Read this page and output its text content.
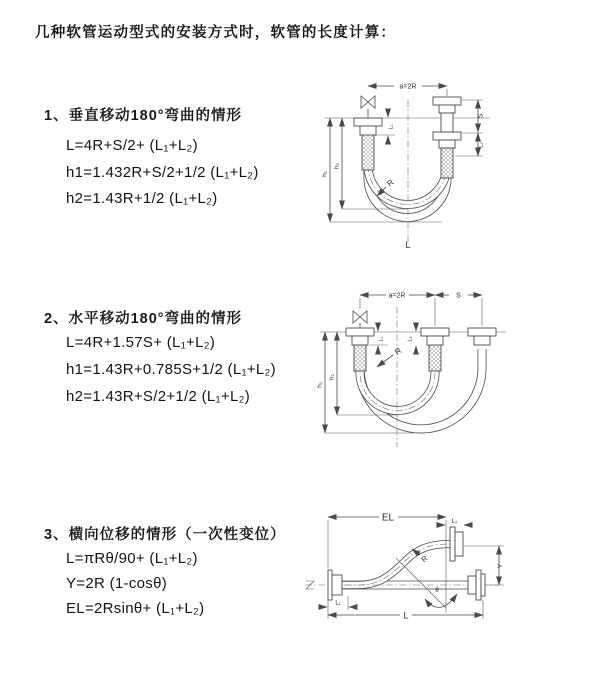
几种软管运动型式的安装方式时，软管的长度计算：
1、垂直移动180°弯曲的情形
L=4R+S/2+ (L₁+L₂)
h1=1.432R+S/2+1/2 (L₁+L₂)
h2=1.43R+1/2 (L₁+L₂)
2、水平移动180°弯曲的情形
L=4R+1.57S+ (L₁+L₂)
h1=1.43R+0.785S+1/2 (L₁+L₂)
h2=1.43R+S/2+1/2 (L₁+L₂)
3、横向位移的情形（一次性变位）
L=πRθ/90+ (L₁+L₂)
Y=2R (1-cosθ)
EL=2Rsinθ+ (L₁+L₂)
a=2R
h₁
h₂
S
L₂
L₁
R
L
a=2R	S
h₁
h₂
L₁	L₂
R
θ
EL	L₂
Y
L
L₁
R
